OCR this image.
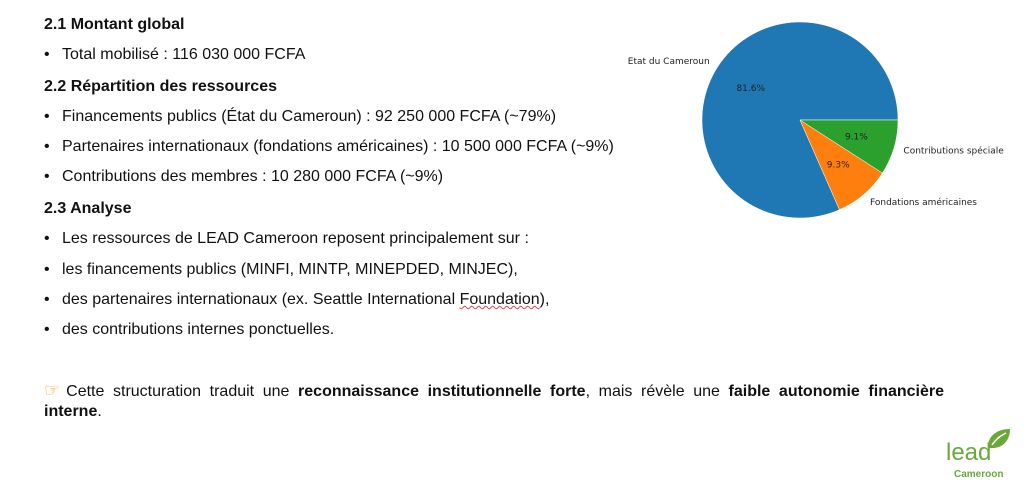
2.1 Montant global

• Total mobilisé : 116 030 000 FCFA

2.2 Répartition des ressources

• Financements publics (État du Cameroun) : 92 250 000 FCFA (~79%)

• Partenaires internationaux (fondations américaines) : 10 500 000 FCFA (~9%)

• Contributions des membres : 10 280 000 FCFA (~9%)

2.3 Analyse

• Les ressources de LEAD Cameroon reposent principalement sur :

• les financements publics (MINFI, MINTP, MINEPDED, MINJEC),

• des partenaires internationaux (ex. Seattle International Foundation),

• des contributions internes ponctuelles.

☞ Cette structuration traduit une reconnaissance institutionnelle forte, mais révèle une faible autonomie financière interne.

81.6%
Etat du Cameroun
9.3%
Fondations américaines
9.1%
Contributions spéciale
lead
Cameroon
